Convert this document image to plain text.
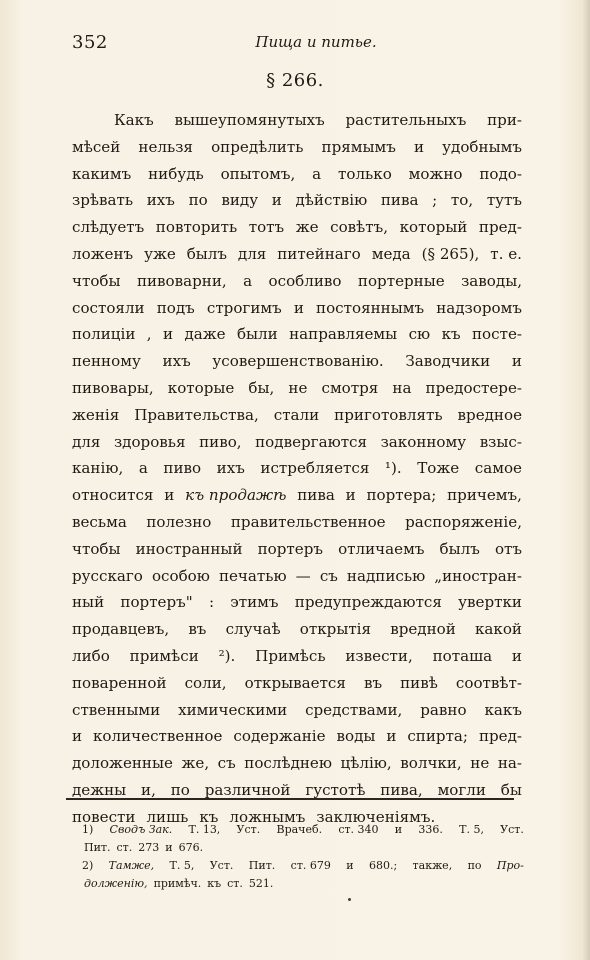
352	Пища и питье.
§ 266.
Какъ вышеупомянутыхъ растительныхъ при-
мѣсей нельзя опредѣлить прямымъ и удобнымъ
какимъ нибудь опытомъ, а только можно подо-
зрѣвать ихъ по виду и дѣйствiю пива ; то, тутъ
слѣдуетъ повторить тотъ же совѣтъ, который пред-
ложенъ уже былъ для питейнаго меда (§ 265), т. е.
чтобы пивоварни, а особливо портерные заводы,
состояли подъ строгимъ и постояннымъ надзоромъ
полицiи , и даже были направляемы сю къ посте-
пенному ихъ усовершенствованiю. Заводчики и
пивовары, которые бы, не смотря на предостере-
женiя Правительства, стали приготовлять вредное
для здоровья пиво, подвергаются законному взыс-
канiю, а пиво ихъ истребляется ¹). Тоже самое
относится и къ продажѣ пива и портера; причемъ,
весьма полезно правительственное распоряженiе,
чтобы иностранный портеръ отличаемъ былъ отъ
русскаго особою печатью — съ надписью „иностран-
ный портеръ" : этимъ предупреждаются увертки
продавцевъ, въ случаѣ открытiя вредной какой
либо примѣси ²). Примѣсь извести, поташа и
поваренной соли, открывается въ пивѣ соотвѣт-
ственными химическими средствами, равно какъ
и количественное содержанiе воды и спирта; пред-
доложенные же, съ послѣднею цѣлiю, волчки, не на-
дежны и, по различной густотѣ пива, могли бы
повести лишь къ ложнымъ заключенiямъ.
1) Сводъ Зак. Т. 13, Уст. Врачеб. ст. 340 и 336. Т. 5, Уст.
Пит. ст. 273 и 676.
2) Тамже, Т. 5, Уст. Пит. ст. 679 и 680.; также, по Про-
долженiю, примѣч. къ ст. 521.
